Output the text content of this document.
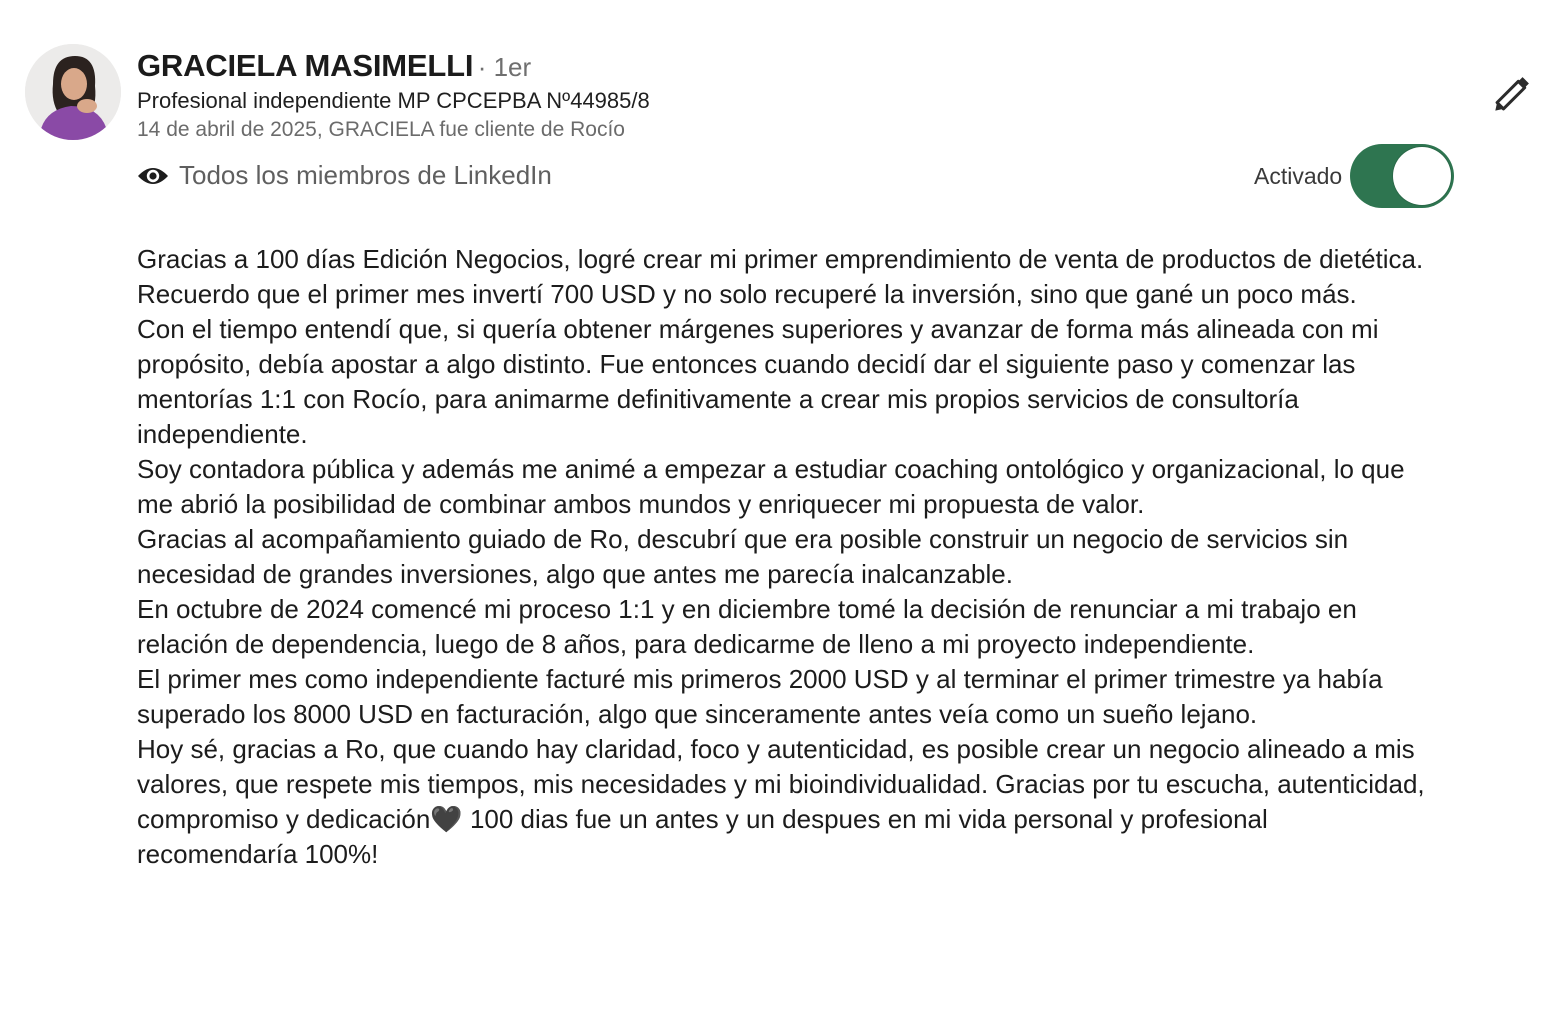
GRACIELA MASIMELLI · 1er
Profesional independiente MP CPCEPBA Nº44985/8
14 de abril de 2025, GRACIELA fue cliente de Rocío
Todos los miembros de LinkedIn	Activado

Gracias a 100 días Edición Negocios, logré crear mi primer emprendimiento de venta de productos de dietética. Recuerdo que el primer mes invertí 700 USD y no solo recuperé la inversión, sino que gané un poco más.

Con el tiempo entendí que, si quería obtener márgenes superiores y avanzar de forma más alineada con mi propósito, debía apostar a algo distinto. Fue entonces cuando decidí dar el siguiente paso y comenzar las mentorías 1:1 con Rocío, para animarme definitivamente a crear mis propios servicios de consultoría independiente.

Soy contadora pública y además me animé a empezar a estudiar coaching ontológico y organizacional, lo que me abrió la posibilidad de combinar ambos mundos y enriquecer mi propuesta de valor.

Gracias al acompañamiento guiado de Ro, descubrí que era posible construir un negocio de servicios sin necesidad de grandes inversiones, algo que antes me parecía inalcanzable.

En octubre de 2024 comencé mi proceso 1:1 y en diciembre tomé la decisión de renunciar a mi trabajo en relación de dependencia, luego de 8 años, para dedicarme de lleno a mi proyecto independiente.

El primer mes como independiente facturé mis primeros 2000 USD y al terminar el primer trimestre ya había superado los 8000 USD en facturación, algo que sinceramente antes veía como un sueño lejano.

Hoy sé, gracias a Ro, que cuando hay claridad, foco y autenticidad, es posible crear un negocio alineado a mis valores, que respete mis tiempos, mis necesidades y mi bioindividualidad. Gracias por tu escucha, autenticidad, compromiso y dedicación🖤 100 dias fue un antes y un despues en mi vida personal y profesional recomendaría 100%!
